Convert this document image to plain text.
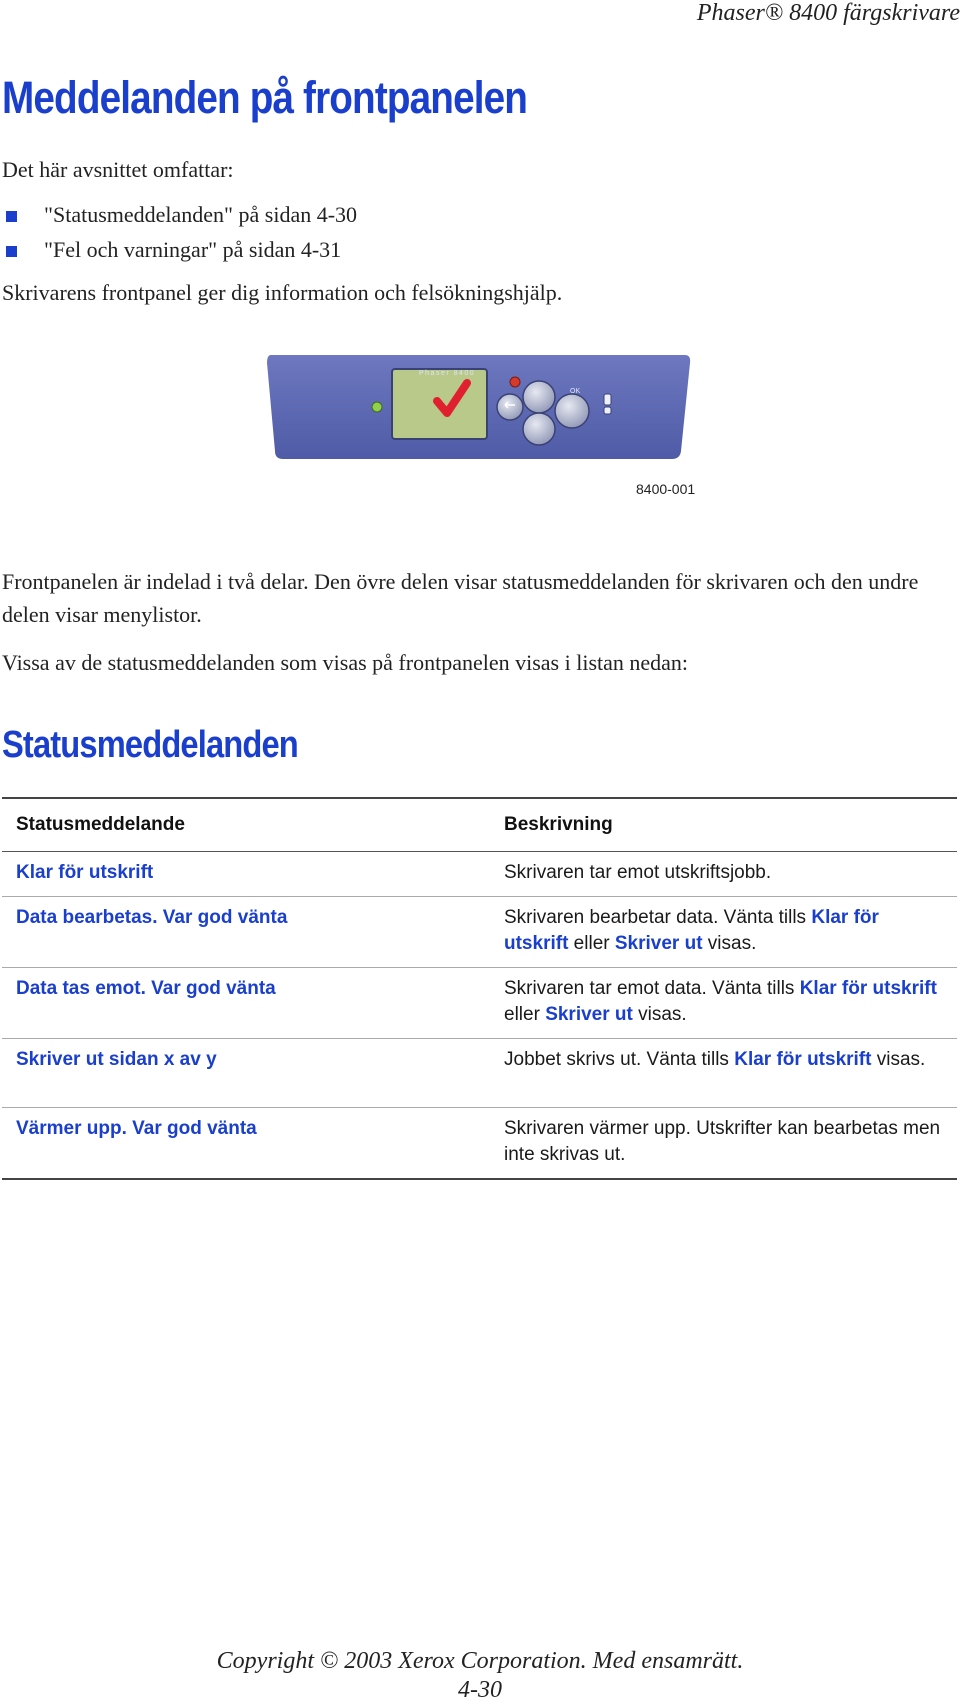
Phaser® 8400 färgskrivare
Meddelanden på frontpanelen
Det här avsnittet omfattar:
"Statusmeddelanden" på sidan 4-30
"Fel och varningar" på sidan 4-31
Skrivarens frontpanel ger dig information och felsökningshjälp.
Phaser 8400
OK
8400-001
Frontpanelen är indelad i två delar. Den övre delen visar statusmeddelanden för skrivaren och den undre delen visar menylistor.
Vissa av de statusmeddelanden som visas på frontpanelen visas i listan nedan:
Statusmeddelanden
Statusmeddelande	Beskrivning
Klar för utskrift	Skrivaren tar emot utskriftsjobb.
Data bearbetas. Var god vänta	Skrivaren bearbetar data. Vänta tills Klar för utskrift eller Skriver ut visas.
Data tas emot. Var god vänta	Skrivaren tar emot data. Vänta tills Klar för utskrift eller Skriver ut visas.
Skriver ut sidan x av y	Jobbet skrivs ut. Vänta tills Klar för utskrift visas.
Värmer upp. Var god vänta	Skrivaren värmer upp. Utskrifter kan bearbetas men inte skrivas ut.
Copyright © 2003 Xerox Corporation. Med ensamrätt.
4-30
